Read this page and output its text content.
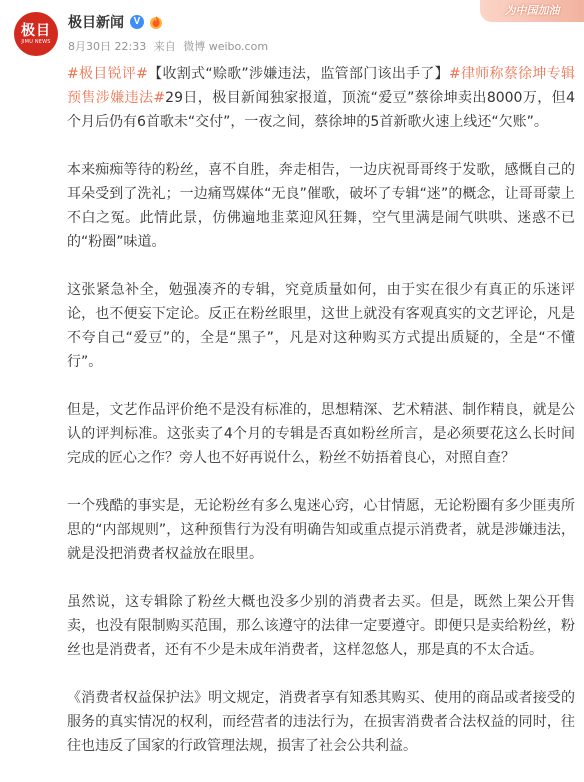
极目
JIMU NEWS
极目新闻 V
为中国加油
8月30日 22:33 来自 微博 weibo.com

#极目锐评#【收割式“赊歌”涉嫌违法，监管部门该出手了】#律师称蔡徐坤专辑预售涉嫌违法#29日，极目新闻独家报道，顶流“爱豆”蔡徐坤卖出8000万，但4个月后仍有6首歌未“交付”，一夜之间，蔡徐坤的5首新歌火速上线还“欠账”。

本来痴痴等待的粉丝，喜不自胜，奔走相告，一边庆祝哥哥终于发歌，感慨自己的耳朵受到了洗礼；一边痛骂媒体“无良”催歌，破坏了专辑“迷”的概念，让哥哥蒙上不白之冤。此情此景，仿佛遍地韭菜迎风狂舞，空气里满是闹气哄哄、迷惑不已的“粉圈”味道。

这张紧急补全，勉强凑齐的专辑，究竟质量如何，由于实在很少有真正的乐迷评论，也不便妄下定论。反正在粉丝眼里，这世上就没有客观真实的文艺评论，凡是不夸自己“爱豆”的，全是“黑子”，凡是对这种购买方式提出质疑的，全是“不懂行”。

但是，文艺作品评价绝不是没有标准的，思想精深、艺术精湛、制作精良，就是公认的评判标准。这张卖了4个月的专辑是否真如粉丝所言，是必须要花这么长时间完成的匠心之作？旁人也不好再说什么，粉丝不妨捂着良心，对照自查？

一个残酷的事实是，无论粉丝有多么鬼迷心窍，心甘情愿，无论粉圈有多少匪夷所思的“内部规则”，这种预售行为没有明确告知或重点提示消费者，就是涉嫌违法，就是没把消费者权益放在眼里。

虽然说，这专辑除了粉丝大概也没多少别的消费者去买。但是，既然上架公开售卖，也没有限制购买范围，那么该遵守的法律一定要遵守。即便只是卖给粉丝，粉丝也是消费者，还有不少是未成年消费者，这样忽悠人，那是真的不太合适。

《消费者权益保护法》明文规定，消费者享有知悉其购买、使用的商品或者接受的服务的真实情况的权利，而经营者的违法行为，在损害消费者合法权益的同时，往往也违反了国家的行政管理法规，损害了社会公共利益。
